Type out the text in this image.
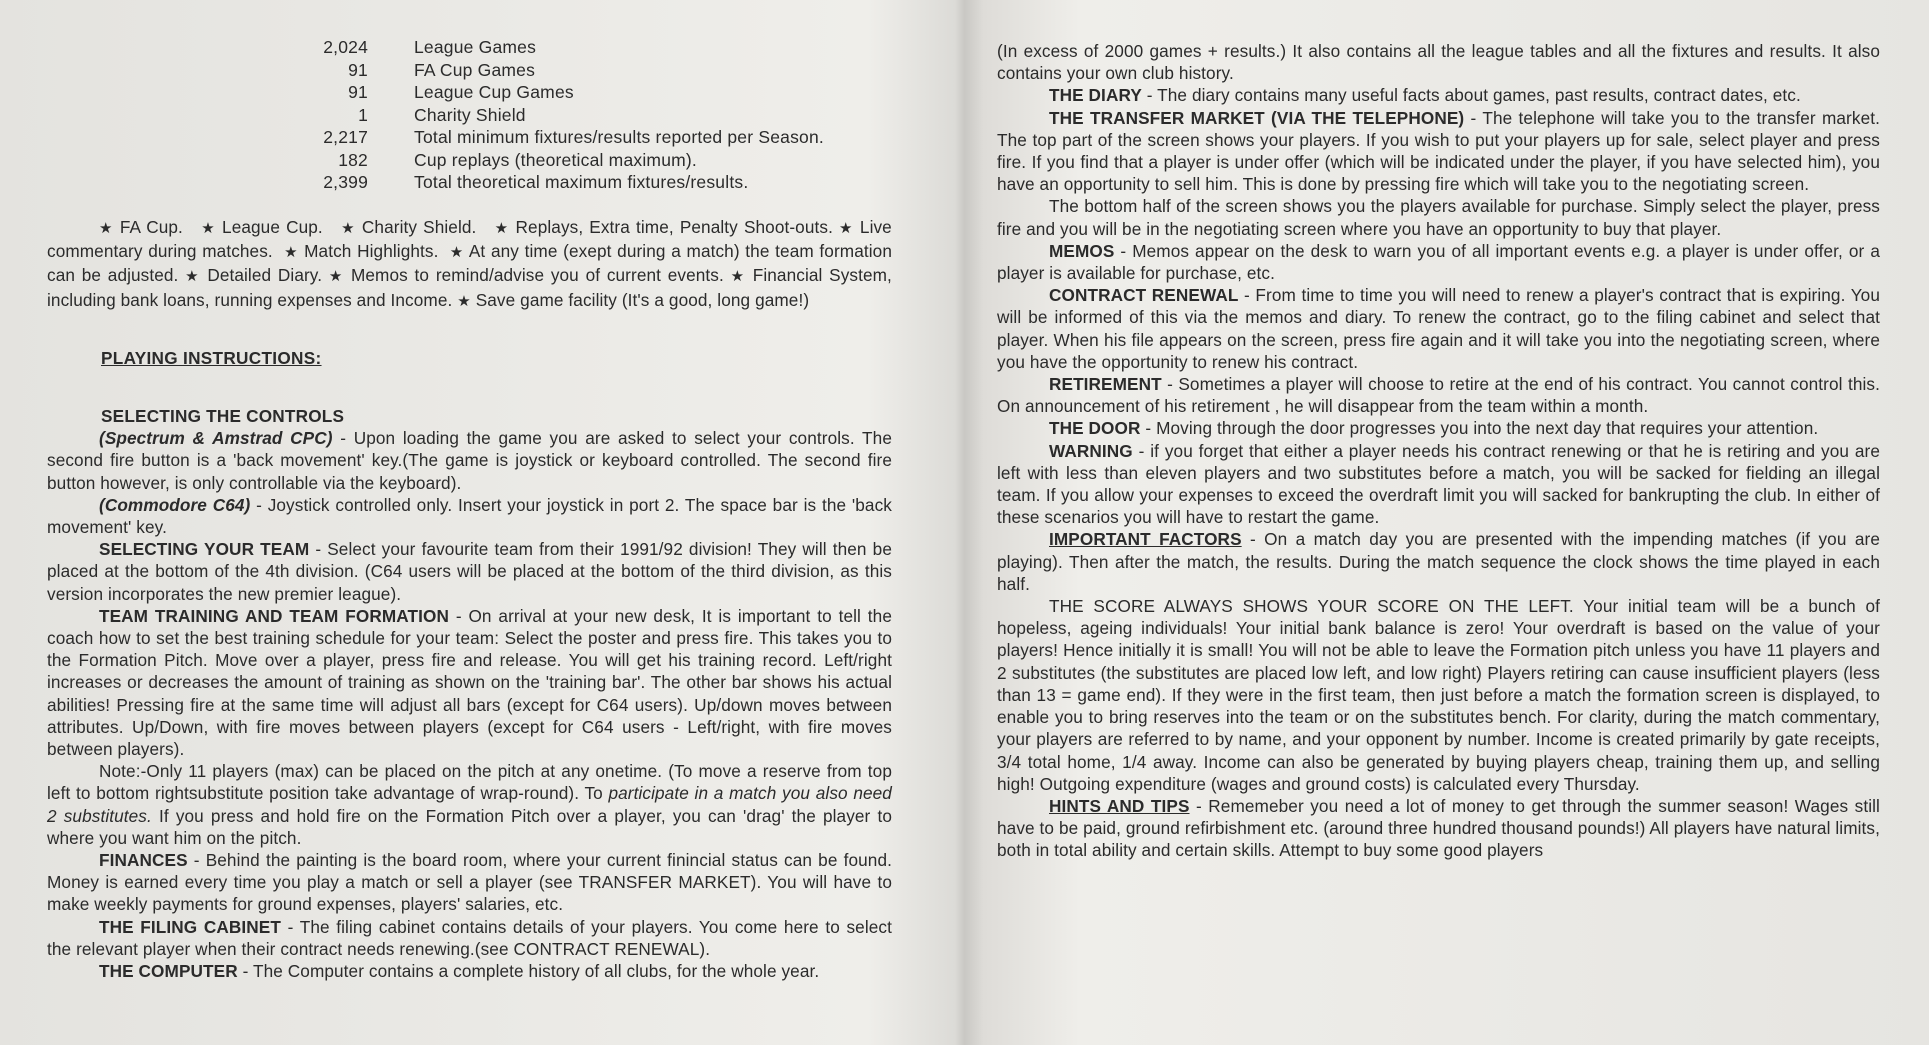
2,024	League Games
91	FA Cup Games
91	League Cup Games
1	Charity Shield
2,217	Total minimum fixtures/results reported per Season.
182	Cup replays (theoretical maximum).
2,399	Total theoretical maximum fixtures/results.

★ FA Cup. ★ League Cup. ★ Charity Shield. ★ Replays, Extra time, Penalty Shoot-outs. ★ Live commentary during matches. ★ Match Highlights. ★ At any time (exept during a match) the team formation can be adjusted. ★ Detailed Diary. ★ Memos to remind/advise you of current events. ★ Financial System, including bank loans, running expenses and Income. ★ Save game facility (It's a good, long game!)

PLAYING INSTRUCTIONS:

SELECTING THE CONTROLS

(Spectrum & Amstrad CPC) - Upon loading the game you are asked to select your controls. The second fire button is a 'back movement' key.(The game is joystick or keyboard controlled. The second fire button however, is only controllable via the keyboard).

(Commodore C64) - Joystick controlled only. Insert your joystick in port 2. The space bar is the 'back movement' key.

SELECTING YOUR TEAM - Select your favourite team from their 1991/92 division! They will then be placed at the bottom of the 4th division. (C64 users will be placed at the bottom of the third division, as this version incorporates the new premier league).

TEAM TRAINING AND TEAM FORMATION - On arrival at your new desk, It is important to tell the coach how to set the best training schedule for your team: Select the poster and press fire. This takes you to the Formation Pitch. Move over a player, press fire and release. You will get his training record. Left/right increases or decreases the amount of training as shown on the 'training bar'. The other bar shows his actual abilities! Pressing fire at the same time will adjust all bars (except for C64 users). Up/down moves between attributes. Up/Down, with fire moves between players (except for C64 users - Left/right, with fire moves between players).

Note:-Only 11 players (max) can be placed on the pitch at any onetime. (To move a reserve from top left to bottom rightsubstitute position take advantage of wrap-round). To participate in a match you also need 2 substitutes. If you press and hold fire on the Formation Pitch over a player, you can 'drag' the player to where you want him on the pitch.

FINANCES - Behind the painting is the board room, where your current finincial status can be found. Money is earned every time you play a match or sell a player (see TRANSFER MARKET). You will have to make weekly payments for ground expenses, players' salaries, etc.

THE FILING CABINET - The filing cabinet contains details of your players. You come here to select the relevant player when their contract needs renewing.(see CONTRACT RENEWAL).

THE COMPUTER - The Computer contains a complete history of all clubs, for the whole year.

(In excess of 2000 games + results.) It also contains all the league tables and all the fixtures and results. It also contains your own club history.

THE DIARY - The diary contains many useful facts about games, past results, contract dates, etc.

THE TRANSFER MARKET (VIA THE TELEPHONE) - The telephone will take you to the transfer market. The top part of the screen shows your players. If you wish to put your players up for sale, select player and press fire. If you find that a player is under offer (which will be indicated under the player, if you have selected him), you have an opportunity to sell him. This is done by pressing fire which will take you to the negotiating screen.

The bottom half of the screen shows you the players available for purchase. Simply select the player, press fire and you will be in the negotiating screen where you have an opportunity to buy that player.

MEMOS - Memos appear on the desk to warn you of all important events e.g. a player is under offer, or a player is available for purchase, etc.

CONTRACT RENEWAL - From time to time you will need to renew a player's contract that is expiring. You will be informed of this via the memos and diary. To renew the contract, go to the filing cabinet and select that player. When his file appears on the screen, press fire again and it will take you into the negotiating screen, where you have the opportunity to renew his contract.

RETIREMENT - Sometimes a player will choose to retire at the end of his contract. You cannot control this. On announcement of his retirement , he will disappear from the team within a month.

THE DOOR - Moving through the door progresses you into the next day that requires your attention.

WARNING - if you forget that either a player needs his contract renewing or that he is retiring and you are left with less than eleven players and two substitutes before a match, you will be sacked for fielding an illegal team. If you allow your expenses to exceed the overdraft limit you will sacked for bankrupting the club. In either of these scenarios you will have to restart the game.

IMPORTANT FACTORS - On a match day you are presented with the impending matches (if you are playing). Then after the match, the results. During the match sequence the clock shows the time played in each half.

THE SCORE ALWAYS SHOWS YOUR SCORE ON THE LEFT. Your initial team will be a bunch of hopeless, ageing individuals! Your initial bank balance is zero! Your overdraft is based on the value of your players! Hence initially it is small! You will not be able to leave the Formation pitch unless you have 11 players and 2 substitutes (the substitutes are placed low left, and low right) Players retiring can cause insufficient players (less than 13 = game end). If they were in the first team, then just before a match the formation screen is displayed, to enable you to bring reserves into the team or on the substitutes bench. For clarity, during the match commentary, your players are referred to by name, and your opponent by number. Income is created primarily by gate receipts, 3/4 total home, 1/4 away. Income can also be generated by buying players cheap, training them up, and selling high! Outgoing expenditure (wages and ground costs) is calculated every Thursday.

HINTS AND TIPS - Rememeber you need a lot of money to get through the summer season! Wages still have to be paid, ground refirbishment etc. (around three hundred thousand pounds!) All players have natural limits, both in total ability and certain skills. Attempt to buy some good players
